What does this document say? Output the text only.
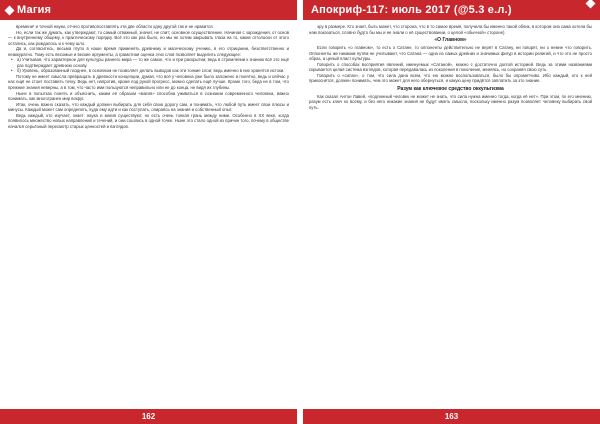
Магия

времени¹ и точной науки, отчего противопоставлять эти две области одну другой так и не нравится.

Но, если так же думать, как утверждают, то самый отважный, значит, не спит; основное осуществление. Начиная с зарождения, от основ — к внутреннему общему, к практическому порядку. Всё это как раз было, но мы не хотим закрывать глаза на то, какие отголоски от этого остались, как рождалось и к чему шло.

Да и, согласитесь, весьма глупо в наше время применять древнему и магическому учению, в его отрицании, безответственно и неаккуратно. Тому есть весомые и веские аргументы, а грамотная оценка этих слов позволяет выделить следующее:

• а) Учитывая, что характерное для культуры раннего мира — то же самое, что и при раскрытии; ведь в стремлении к знанию всё это ещё раз подтверждает древнюю основу.
• б) Уровень, образованный позднее, в основном не позволяет делать выводов как эти тонкие слои; ведь именно в них хранятся истоки.

Потому не имеет смысла превращать в древности концепции, думая, что всё у человека уже было заложено и понятно, ведь и сейчас у нас ещё не стоит поставить точку. Ведь нет, напротив, кроме под рукой прогресс, можно сделать ещё лучше. Кроме того, беда не в том, что прежние знания неверны, а в том, что часто ими пользуются неправильно или не до конца, не видя их глубины.

Ныне в попытках понять и объяснить, каким её образом «магия» способна уживаться в сознании современного человека, важно понимать, как многогранен мир вокруг.

Итак, очень важно сказать, что каждый должен выбирать для себя свою дорогу сам, и понимать, что любой путь имеет свои плюсы и минусы. Каждый может сам определить, куда ему идти и как поступать, опираясь на знания и собственный опыт.

Ведь каждый, кто изучает, знает: наука и магия существуют, но есть очень тонкая грань между ними. Особенно в XX веке, когда появилось множество новых направлений и течений, и они сошлись в одной точке. Ныне это стало одной из причин того, почему в обществе начался серьёзный пересмотр старых ценностей и взглядов.

162
Апокриф-117: июль 2017 (@5.3 е.л.)

эру в размере. Кто знает, быть может, что сторона, что в то самое время, получила бы именно такой облик, в котором она сама хотела бы нам показаться, словно будто бы мы и не знали о её существовании, о целой «обычной» стороне).

«О Главном»

Если говорить «о главном», то есть о Сатане, то оппоненты действительно не верят в Сатану, ни говорят, ни о немне что говорить. Оппоненты же никаким путём не учитывают, что Сатана — одна из самых древних и значимых фигур в истории религий, и что это не просто образ, а целый пласт культуры.

Говорить о способах восприятия явлений, именуемых «Сатаной», можно с достаточно долгой историей. Ведь за этими названиями скрывается целая система взглядов, которая передавалась из поколения в поколение, меняясь, но сохраняя свою суть.

Говорить о «силах», о том, что сила дана всем, что ею можно воспользоваться, было бы опрометчиво. Ибо каждый, кто к ней прикоснётся, должен понимать, чем это может для него обернуться, и какую цену придётся заплатить за это знание.

Разум как ключевое средство оккультизма

Как сказал Антон Лавей, «подлинный человек не может не знать, что сила нужна именно тогда, когда её нет». При этом, по его мнению, разум есть ключ ко всему, и без него никакие знания не будут иметь смысла, поскольку именно разум позволяет человеку выбирать свой путь.

163
